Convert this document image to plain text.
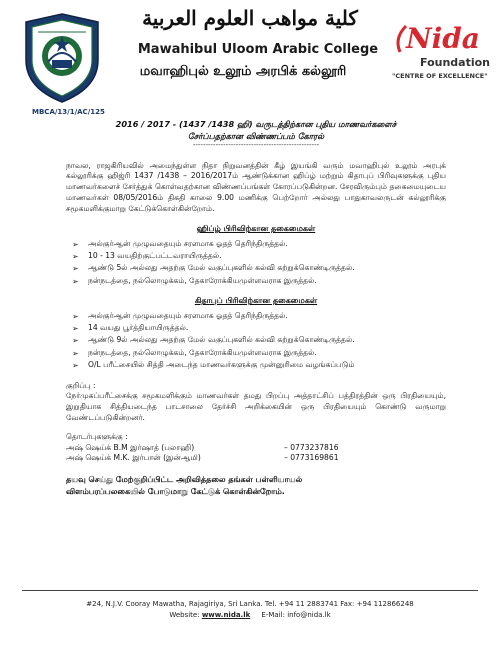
MBCA/13/1/AC/125
كلية مواهب العلوم العربية
Mawahibul Uloom Arabic College
மவாஹிபுல் உலூம் அரபிக் கல்லூரி
Nida
Foundation
"CENTRE OF EXCELLENCE"
2016 / 2017 - (1437 /1438 ஹி) வருடத்திற்கான புதிய மாணவர்களைச்
சேர்ப்பதற்கான விண்ணப்பம் கோரல்
--------------------------------------------------
நாவல, ராஜகிரியவில் அமைந்துள்ள நிதா நிறுவனத்தின் கீழ் இயங்கி வரும் மவாஹிபுல் உலூம் அரபுக் கல்லூரிக்கு ஹிஜ்ரி 1437 /1438 – 2016/2017ம் ஆண்டுக்கான ஹிப்ழ் மற்றும் கிதாபுப் பிரிவுகளுக்கு புதிய மாணவர்களைச் சேர்த்துக் கொள்வதற்கான விண்ணப்பங்கள் கோரப்படுகின்றன. சேரவிரும்பும் தகைமையுடைய மாணவர்கள் 08/05/2016ம் திகதி காலை 9.00 மணிக்கு பெற்றோர் அல்லது பாதுகாவலருடன் கல்லூரிக்கு சமூகமளிக்குமாறு கேட்டுக்கொள்கின்றோம்.
ஹிப்ழ் பிரிவிற்கான தகைமைகள்
➢ அல்குர்ஆன் முழுவதையும் சரளமாக ஓதத் தெரிந்திருத்தல்.
➢ 10 - 13 வயதிற்குட்பட்டவராயிருத்தல்.
➢ ஆண்டு 5ல் அல்லது அதற்கு மேல் வகுப்புகளில் கல்வி கற்றுக்கொண்டிருத்தல்.
➢ நன்நடத்தை, நல்லொழுக்கம், தேகாரோக்கியமுள்ளவராக இருத்தல்.
கிதாபுப் பிரிவிற்கான தகைமைகள்
➢ அல்குர்ஆன் முழுவதையும் சரளமாக ஓதத் தெரிந்திருத்தல்.
➢ 14 வயது பூர்த்தியாயிருத்தல்.
➢ ஆண்டு 9ல் அல்லது அதற்கு மேல் வகுப்புகளில் கல்வி கற்றுக்கொண்டிருத்தல்.
➢ நன்நடத்தை, நல்லொழுக்கம், தேகாரோக்கியமுள்ளவராக இருத்தல்.
➢ O/L பரீட்சையில் சித்தி அடைந்த மாணவர்களுக்கு முன்னுரிமை வழங்கப்படும்
குறிப்பு :
நேர்முகப்பரீட்சைக்கு சமூகமளிக்கும் மாணவர்கள் தமது பிறப்பு அத்தாட்சிப் பத்திரத்தின் ஒரு பிரதியையும், இறுதியாக சித்தியடைந்த பாடசாலை தேர்ச்சி அறிக்கையின் ஒரு பிரதியையும் கொண்டு வருமாறு வேண்டப்படுகின்றனர்.
தொடர்புகளுக்கு :
அஷ் ஷெய்க் B.M இர்ஷாத் (பலாஹி)	– 0773237816
அஷ் ஷெய்க் M.K. இர்பான் (இன்ஆமி)	– 0773169861
தயவு செய்து மேற்குறிப்பிட்ட அறிவித்தலை தங்கள் பள்ளியாயல்
விளம்பரப்பலகையில் போடுமாறு கேட்டுக் கொள்கின்றோம்.
#24, N.J.V. Cooray Mawatha, Rajagiriya, Sri Lanka. Tel. +94 11 2883741 Fax: +94 112866248
Website: www.nida.lk E-Mail: info@nida.lk
